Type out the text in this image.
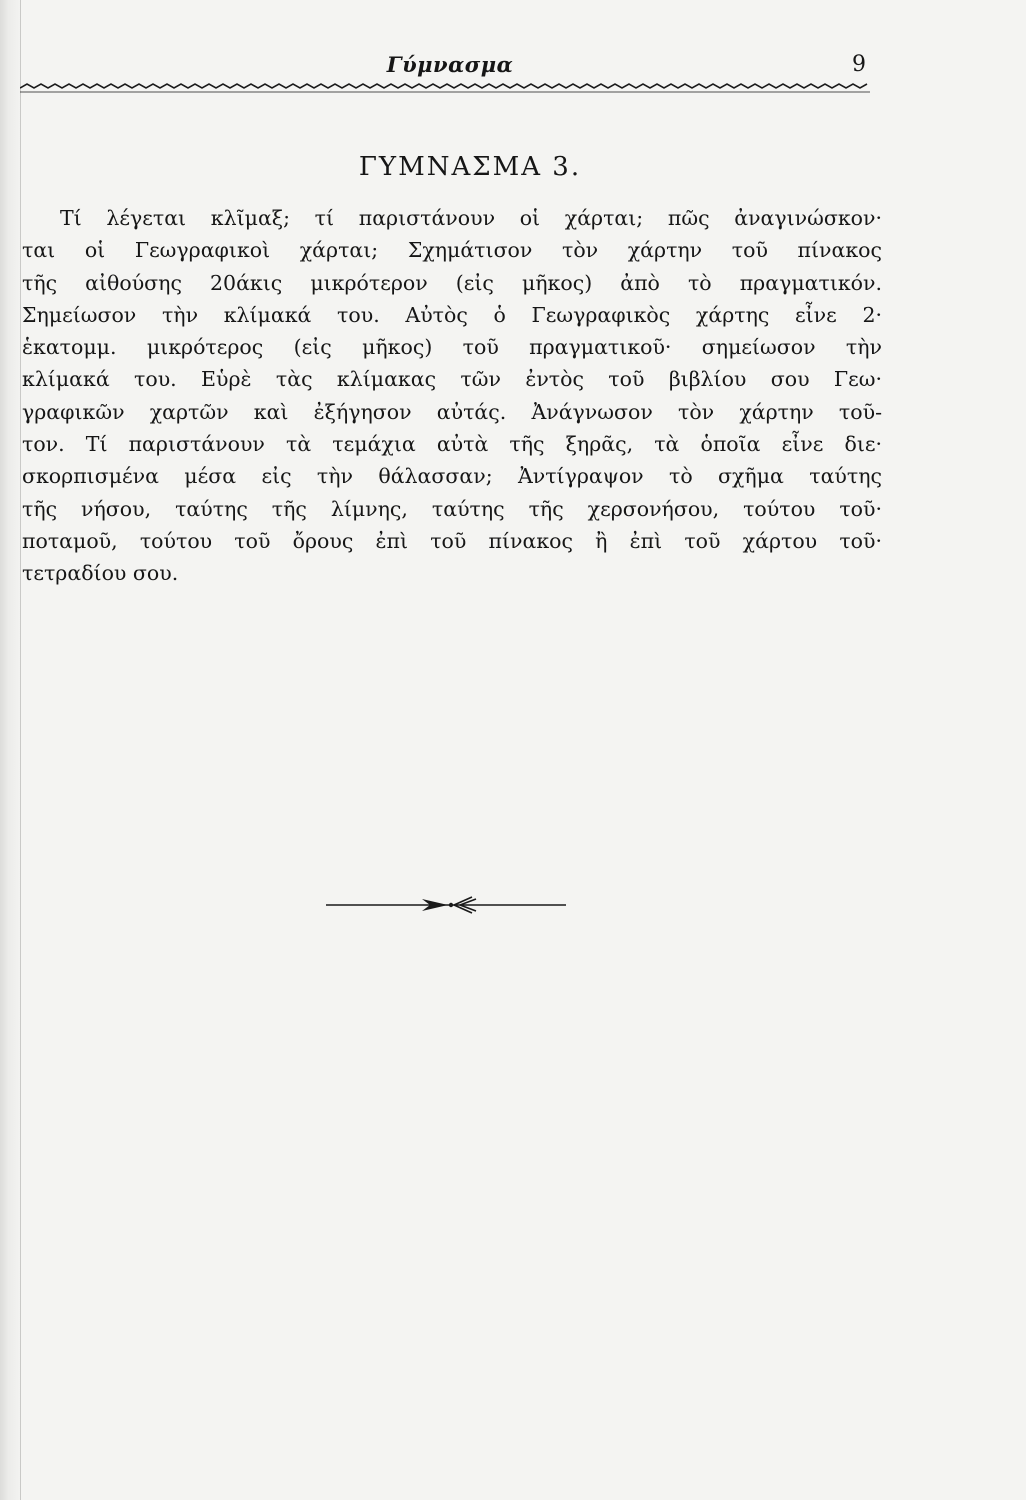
Γύμνασμα	9
ΓΥΜΝΑΣΜΑ 3.
Τί λέγεται κλῖμαξ; τί παριστάνουν οἱ χάρται; πῶς ἀναγινώσκον·
ται οἱ Γεωγραφικοὶ χάρται; Σχημάτισον τὸν χάρτην τοῦ πίνακος
τῆς αἰθούσης 20άκις μικρότερον (εἰς μῆκος) ἀπὸ τὸ πραγματικόν.
Σημείωσον τὴν κλίμακά του. Αὐτὸς ὁ Γεωγραφικὸς χάρτης εἶνε 2·
ἑκατομμ. μικρότερος (εἰς μῆκος) τοῦ πραγματικοῦ· σημείωσον τὴν
κλίμακά του. Εὑρὲ τὰς κλίμακας τῶν ἐντὸς τοῦ βιβλίου σου Γεω·
γραφικῶν χαρτῶν καὶ ἐξήγησον αὐτάς. Ἀνάγνωσον τὸν χάρτην τοῦ-
τον. Τί παριστάνουν τὰ τεμάχια αὐτὰ τῆς ξηρᾶς, τὰ ὁποῖα εἶνε διε·
σκορπισμένα μέσα εἰς τὴν θάλασσαν; Ἀντίγραψον τὸ σχῆμα ταύτης
τῆς νήσου, ταύτης τῆς λίμνης, ταύτης τῆς χερσονήσου, τούτου τοῦ·
ποταμοῦ, τούτου τοῦ ὄρους ἐπὶ τοῦ πίνακος ἢ ἐπὶ τοῦ χάρτου τοῦ·
τετραδίου σου.
